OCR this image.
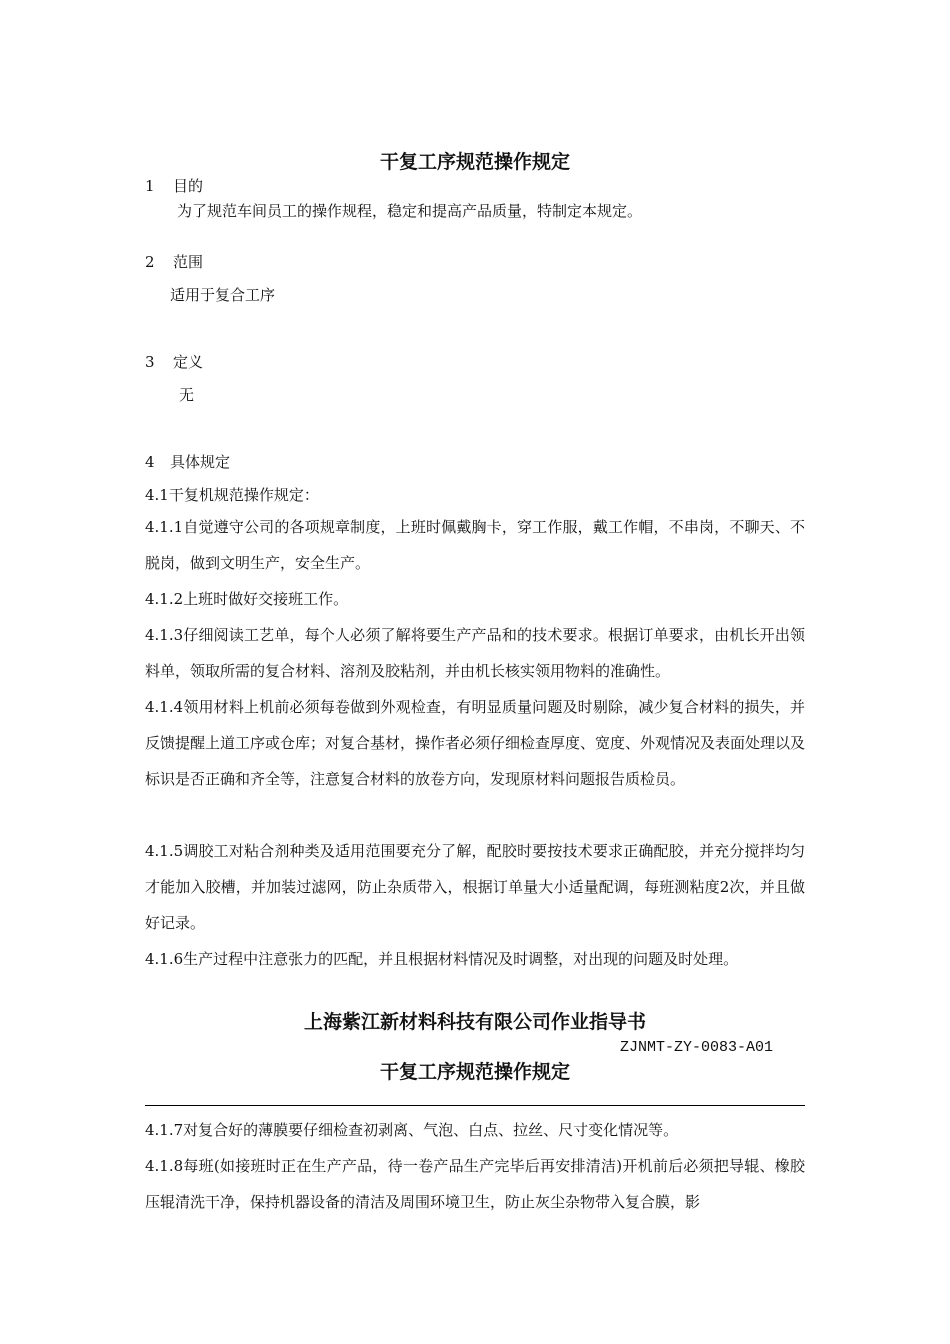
干复工序规范操作规定
1 目的
为了规范车间员工的操作规程，稳定和提高产品质量，特制定本规定。
2 范围
适用于复合工序
3 定义
无
4 具体规定
4.1干复机规范操作规定：
4.1.1自觉遵守公司的各项规章制度，上班时佩戴胸卡，穿工作服，戴工作帽，不串岗，不聊天、不脱岗，做到文明生产，安全生产。
4.1.2上班时做好交接班工作。
4.1.3仔细阅读工艺单，每个人必须了解将要生产产品和的技术要求。根据订单要求，由机长开出领料单，领取所需的复合材料、溶剂及胶粘剂，并由机长核实领用物料的准确性。
4.1.4领用材料上机前必须每卷做到外观检查，有明显质量问题及时剔除，减少复合材料的损失，并反馈提醒上道工序或仓库；对复合基材，操作者必须仔细检查厚度、宽度、外观情况及表面处理以及标识是否正确和齐全等，注意复合材料的放卷方向，发现原材料问题报告质检员。
4.1.5调胶工对粘合剂种类及适用范围要充分了解，配胶时要按技术要求正确配胶，并充分搅拌均匀才能加入胶槽，并加装过滤网，防止杂质带入，根据订单量大小适量配调，每班测粘度2次，并且做好记录。
4.1.6生产过程中注意张力的匹配，并且根据材料情况及时调整，对出现的问题及时处理。
上海紫江新材料科技有限公司作业指导书
ZJNMT-ZY-0083-A01
干复工序规范操作规定
4.1.7对复合好的薄膜要仔细检查初剥离、气泡、白点、拉丝、尺寸变化情况等。
4.1.8每班(如接班时正在生产产品，待一卷产品生产完毕后再安排清洁)开机前后必须把导辊、橡胶压辊清洗干净，保持机器设备的清洁及周围环境卫生，防止灰尘杂物带入复合膜，影
